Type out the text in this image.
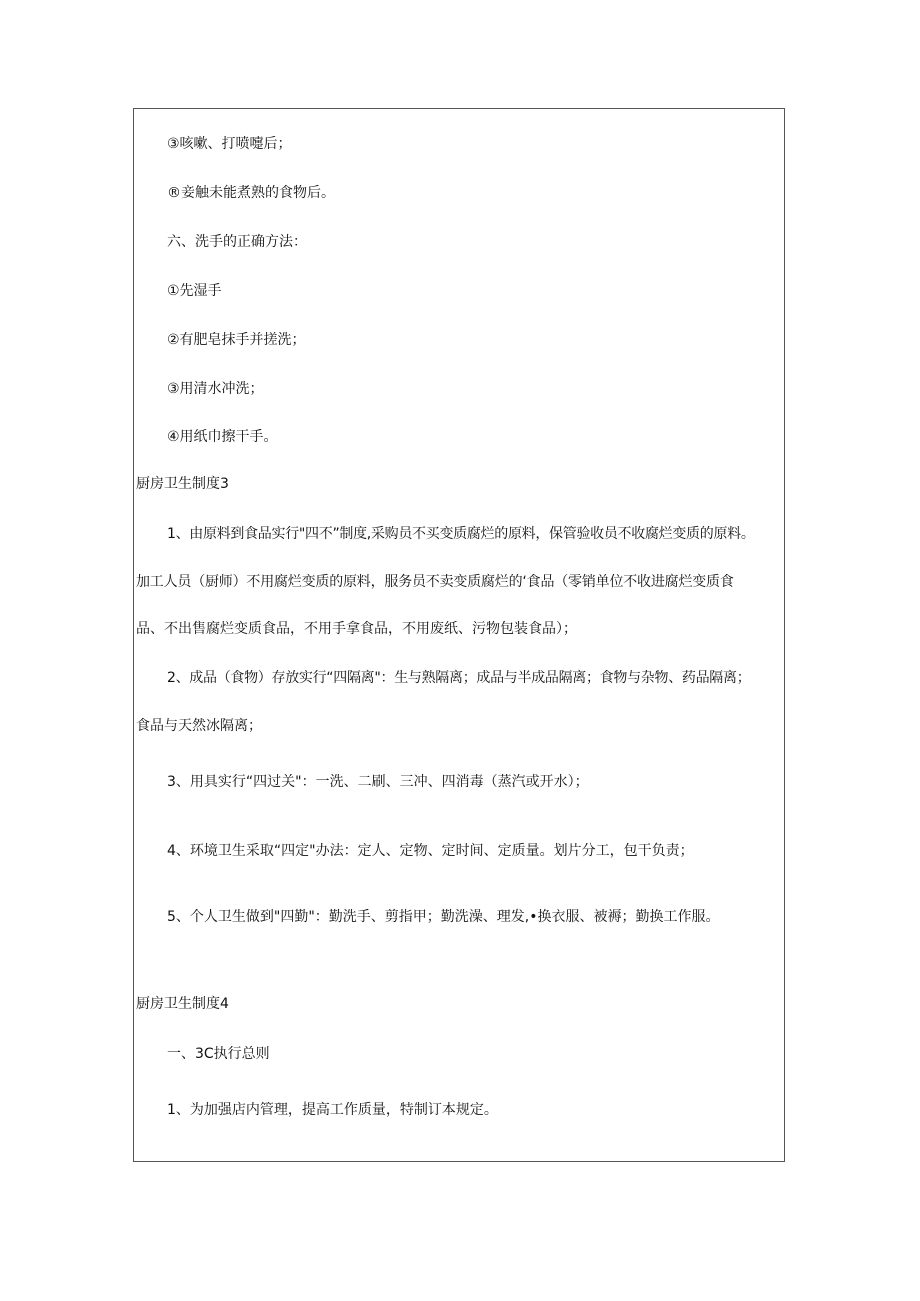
③咳嗽、打喷嚏后；

®妾触未能煮熟的食物后。

六、洗手的正确方法：

①先湿手

②有肥皂抹手并搓洗；

③用清水冲洗；

④用纸巾擦干手。

厨房卫生制度3

1、由原料到食品实行"四不”制度,采购员不买变质腐烂的原料，保管验收员不收腐烂变质的原料。

加工人员（厨师）不用腐烂变质的原料，服务员不卖变质腐烂的‘食品（零销单位不收进腐烂变质食

品、不出售腐烂变质食品，不用手拿食品，不用废纸、污物包装食品）；

2、成品（食物）存放实行“四隔离"：生与熟隔离；成品与半成品隔离；食物与杂物、药品隔离；

食品与天然冰隔离；

3、用具实行“四过关"：一洗、二刷、三冲、四消毒（蒸汽或开水）；

4、环境卫生采取“四定"办法：定人、定物、定时间、定质量。划片分工，包干负责；

5、个人卫生做到"四勤"：勤洗手、剪指甲；勤洗澡、理发,•换衣服、被褥；勤换工作服。

厨房卫生制度4

一、3C执行总则

1、为加强店内管理，提高工作质量，特制订本规定。
